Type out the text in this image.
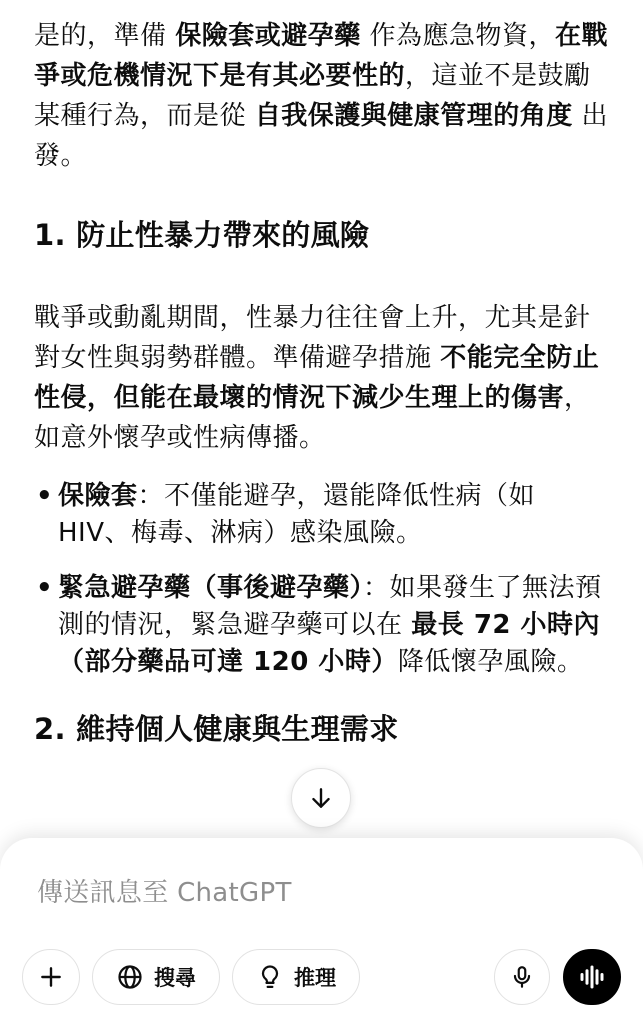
是的，準備 保險套或避孕藥 作為應急物資，在戰爭或危機情況下是有其必要性的，這並不是鼓勵某種行為，而是從 自我保護與健康管理的角度 出發。

1. 防止性暴力帶來的風險

戰爭或動亂期間，性暴力往往會上升，尤其是針對女性與弱勢群體。準備避孕措施 不能完全防止性侵，但能在最壞的情況下減少生理上的傷害，如意外懷孕或性病傳播。

• 保險套：不僅能避孕，還能降低性病（如 HIV、梅毒、淋病）感染風險。
• 緊急避孕藥（事後避孕藥）：如果發生了無法預測的情況，緊急避孕藥可以在 最長 72 小時內（部分藥品可達 120 小時）降低懷孕風險。
2. 維持個人健康與生理需求
傳送訊息至 ChatGPT
搜尋	推理
